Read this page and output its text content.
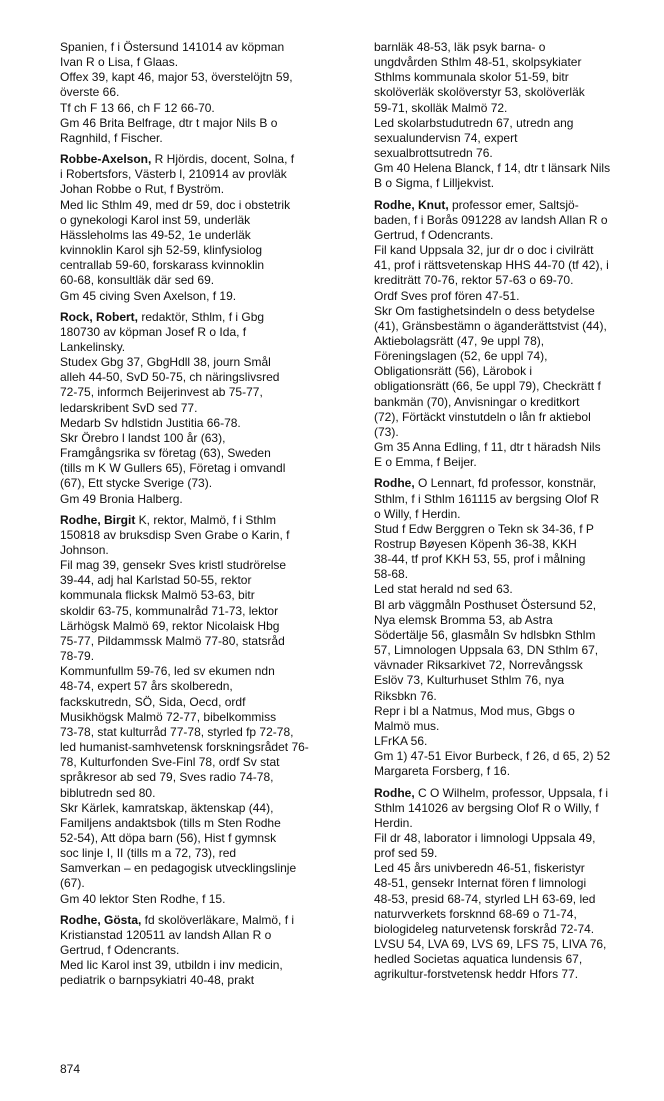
Spanien, f i Östersund 141014 av köpman
Ivan R o Lisa, f Glaas.
Offex 39, kapt 46, major 53, överstelöjtn 59,
överste 66.
Tf ch F 13 66, ch F 12 66-70.
Gm 46 Brita Belfrage, dtr t major Nils B o
Ragnhild, f Fischer.
Robbe-Axelson, R Hjördis, docent, Solna, f
i Robertsfors, Västerb l, 210914 av provläk
Johan Robbe o Rut, f Byström.
Med lic Sthlm 49, med dr 59, doc i obstetrik
o gynekologi Karol inst 59, underläk
Hässleholms las 49-52, 1e underläk
kvinnoklin Karol sjh 52-59, klinfysiolog
centrallab 59-60, forskarass kvinnoklin
60-68, konsultläk där sed 69.
Gm 45 civing Sven Axelson, f 19.
Rock, Robert, redaktör, Sthlm, f i Gbg
180730 av köpman Josef R o Ida, f
Lankelinsky.
Studex Gbg 37, GbgHdll 38, journ Smål
alleh 44-50, SvD 50-75, ch näringslivsred
72-75, informch Beijerinvest ab 75-77,
ledarskribent SvD sed 77.
Medarb Sv hdlstidn Justitia 66-78.
Skr Örebro l landst 100 år (63),
Framgångsrika sv företag (63), Sweden
(tills m K W Gullers 65), Företag i omvandl
(67), Ett stycke Sverige (73).
Gm 49 Bronia Halberg.
Rodhe, Birgit K, rektor, Malmö, f i Sthlm
150818 av bruksdisp Sven Grabe o Karin, f
Johnson.
Fil mag 39, gensekr Sves kristl studrörelse
39-44, adj hal Karlstad 50-55, rektor
kommunala flicksk Malmö 53-63, bitr
skoldir 63-75, kommunalråd 71-73, lektor
Lärhögsk Malmö 69, rektor Nicolaisk Hbg
75-77, Pildammssk Malmö 77-80, statsråd
78-79.
Kommunfullm 59-76, led sv ekumen ndn
48-74, expert 57 års skolberedn,
fackskutredn, SÖ, Sida, Oecd, ordf
Musikhögsk Malmö 72-77, bibelkommiss
73-78, stat kulturråd 77-78, styrled fp 72-78,
led humanist-samhvetensk forskningsrådet 76-
78, Kulturfonden Sve-Finl 78, ordf Sv stat
språkresor ab sed 79, Sves radio 74-78,
biblutredn sed 80.
Skr Kärlek, kamratskap, äktenskap (44),
Familjens andaktsbok (tills m Sten Rodhe
52-54), Att döpa barn (56), Hist f gymnsk
soc linje I, II (tills m a 72, 73), red
Samverkan – en pedagogisk utvecklingslinje
(67).
Gm 40 lektor Sten Rodhe, f 15.
Rodhe, Gösta, fd skolöverläkare, Malmö, f i
Kristianstad 120511 av landsh Allan R o
Gertrud, f Odencrants.
Med lic Karol inst 39, utbildn i inv medicin,
pediatrik o barnpsykiatri 40-48, prakt
barnläk 48-53, läk psyk barna- o
ungdvården Sthlm 48-51, skolpsykiater
Sthlms kommunala skolor 51-59, bitr
skolöverläk skolöverstyr 53, skolöverläk
59-71, skolläk Malmö 72.
Led skolarbstudutredn 67, utredn ang
sexualundervisn 74, expert
sexualbrottsutredn 76.
Gm 40 Helena Blanck, f 14, dtr t länsark Nils
B o Sigma, f Lilljekvist.
Rodhe, Knut, professor emer, Saltsjö-
baden, f i Borås 091228 av landsh Allan R o
Gertrud, f Odencrants.
Fil kand Uppsala 32, jur dr o doc i civilrätt
41, prof i rättsvetenskap HHS 44-70 (tf 42), i
krediträtt 70-76, rektor 57-63 o 69-70.
Ordf Sves prof fören 47-51.
Skr Om fastighetsindeln o dess betydelse
(41), Gränsbestämn o äganderättstvist (44),
Aktiebolagsrätt (47, 9e uppl 78),
Föreningslagen (52, 6e uppl 74),
Obligationsrätt (56), Lärobok i
obligationsrätt (66, 5e uppl 79), Checkrätt f
bankmän (70), Anvisningar o kreditkort
(72), Förtäckt vinstutdeln o lån fr aktiebol
(73).
Gm 35 Anna Edling, f 11, dtr t häradsh Nils
E o Emma, f Beijer.
Rodhe, O Lennart, fd professor, konstnär,
Sthlm, f i Sthlm 161115 av bergsing Olof R
o Willy, f Herdin.
Stud f Edw Berggren o Tekn sk 34-36, f P
Rostrup Bøyesen Köpenh 36-38, KKH
38-44, tf prof KKH 53, 55, prof i målning
58-68.
Led stat herald nd sed 63.
Bl arb väggmåln Posthuset Östersund 52,
Nya elemsk Bromma 53, ab Astra
Södertälje 56, glasmåln Sv hdlsbkn Sthlm
57, Limnologen Uppsala 63, DN Sthlm 67,
vävnader Riksarkivet 72, Norrevångssk
Eslöv 73, Kulturhuset Sthlm 76, nya
Riksbkn 76.
Repr i bl a Natmus, Mod mus, Gbgs o
Malmö mus.
LFrKA 56.
Gm 1) 47-51 Eivor Burbeck, f 26, d 65, 2) 52
Margareta Forsberg, f 16.
Rodhe, C O Wilhelm, professor, Uppsala, f i
Sthlm 141026 av bergsing Olof R o Willy, f
Herdin.
Fil dr 48, laborator i limnologi Uppsala 49,
prof sed 59.
Led 45 års univberedn 46-51, fiskeristyr
48-51, gensekr Internat fören f limnologi
48-53, presid 68-74, styrled LH 63-69, led
naturvverkets forsknnd 68-69 o 71-74,
biologideleg naturvetensk forskråd 72-74.
LVSU 54, LVA 69, LVS 69, LFS 75, LIVA 76,
hedled Societas aquatica lundensis 67,
agrikultur-forstvetensk heddr Hfors 77.
874
